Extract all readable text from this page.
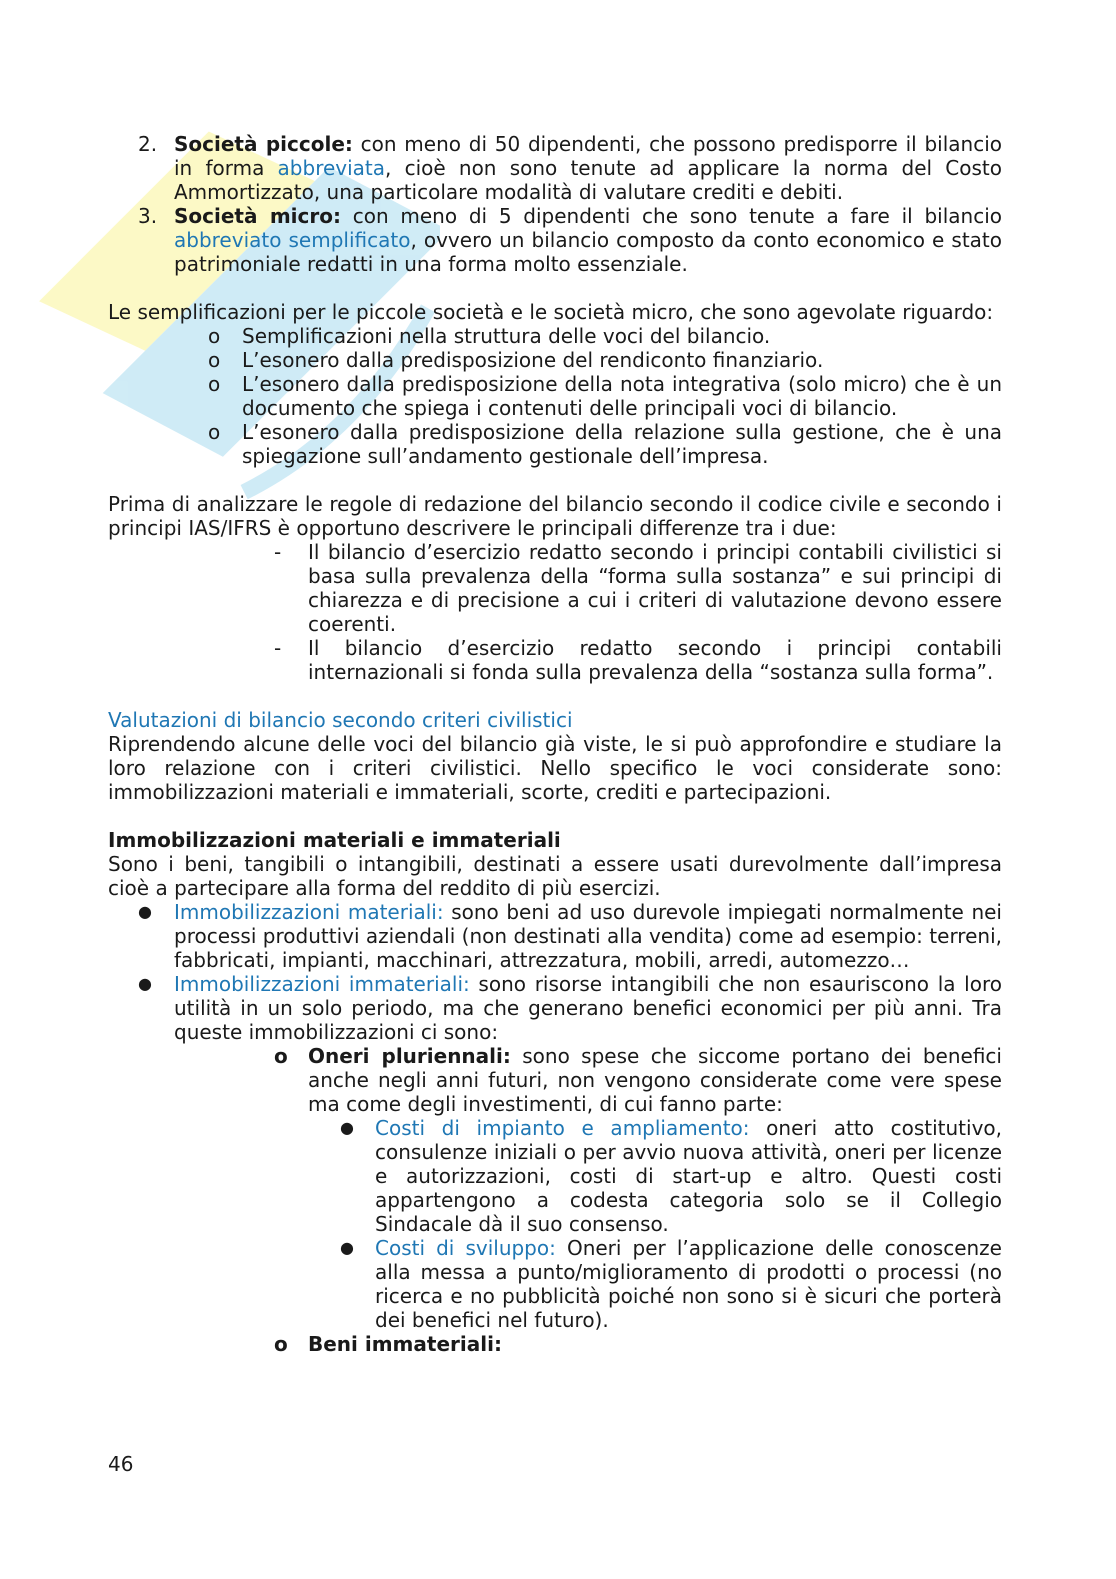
2. Società piccole: con meno di 50 dipendenti, che possono predisporre il bilancio in forma abbreviata, cioè non sono tenute ad applicare la norma del Costo Ammortizzato, una particolare modalità di valutare crediti e debiti.
3. Società micro: con meno di 5 dipendenti che sono tenute a fare il bilancio abbreviato semplificato, ovvero un bilancio composto da conto economico e stato patrimoniale redatti in una forma molto essenziale.

Le semplificazioni per le piccole società e le società micro, che sono agevolate riguardo:

o Semplificazioni nella struttura delle voci del bilancio.
o L’esonero dalla predisposizione del rendiconto finanziario.
o L’esonero dalla predisposizione della nota integrativa (solo micro) che è un documento che spiega i contenuti delle principali voci di bilancio.
o L’esonero dalla predisposizione della relazione sulla gestione, che è una spiegazione sull’andamento gestionale dell’impresa.

Prima di analizzare le regole di redazione del bilancio secondo il codice civile e secondo i principi IAS/IFRS è opportuno descrivere le principali differenze tra i due:

- Il bilancio d’esercizio redatto secondo i principi contabili civilistici si basa sulla prevalenza della “forma sulla sostanza” e sui principi di chiarezza e di precisione a cui i criteri di valutazione devono essere coerenti.
- Il bilancio d’esercizio redatto secondo i principi contabili internazionali si fonda sulla prevalenza della “sostanza sulla forma”.

Valutazioni di bilancio secondo criteri civilistici

Riprendendo alcune delle voci del bilancio già viste, le si può approfondire e studiare la loro relazione con i criteri civilistici. Nello specifico le voci considerate sono: immobilizzazioni materiali e immateriali, scorte, crediti e partecipazioni.

Immobilizzazioni materiali e immateriali

Sono i beni, tangibili o intangibili, destinati a essere usati durevolmente dall’impresa cioè a partecipare alla forma del reddito di più esercizi.

● Immobilizzazioni materiali: sono beni ad uso durevole impiegati normalmente nei processi produttivi aziendali (non destinati alla vendita) come ad esempio: terreni, fabbricati, impianti, macchinari, attrezzatura, mobili, arredi, automezzo…
● Immobilizzazioni immateriali: sono risorse intangibili che non esauriscono la loro utilità in un solo periodo, ma che generano benefici economici per più anni. Tra queste immobilizzazioni ci sono:
o Oneri pluriennali: sono spese che siccome portano dei benefici anche negli anni futuri, non vengono considerate come vere spese ma come degli investimenti, di cui fanno parte:
● Costi di impianto e ampliamento: oneri atto costitutivo, consulenze iniziali o per avvio nuova attività, oneri per licenze e autorizzazioni, costi di start-up e altro. Questi costi appartengono a codesta categoria solo se il Collegio Sindacale dà il suo consenso.
● Costi di sviluppo: Oneri per l’applicazione delle conoscenze alla messa a punto/miglioramento di prodotti o processi (no ricerca e no pubblicità poiché non sono si è sicuri che porterà dei benefici nel futuro).
o Beni immateriali:
46
